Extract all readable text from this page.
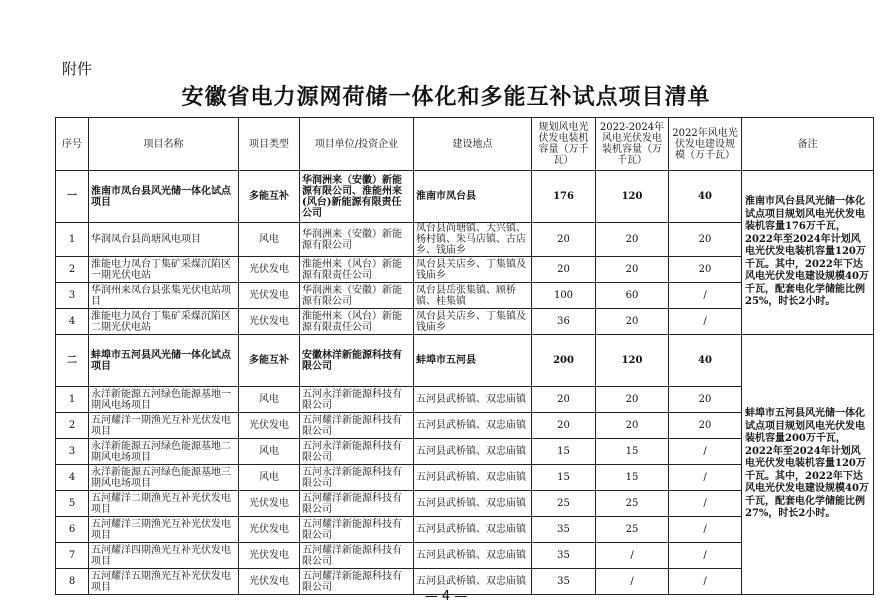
附件
安徽省电力源网荷储一体化和多能互补试点项目清单
序号	项目名称	项目类型	项目单位/投资企业	建设地点	规划风电光伏发电装机容量（万千瓦）	2022-2024年风电光伏发电装机容量（万千瓦）	2022年风电光伏发电建设规模（万千瓦）	备注
一	淮南市凤台县风光储一体化试点项目	多能互补	华润洲来（安徽）新能源有限公司、淮能州来(风台)新能源有限责任公司	淮南市凤台县	176	120	40	淮南市风台县风光储一体化试点项目规划风电光伏发电装机容量176万千瓦，2022年至2024年计划风电光伏发电装机容量120万千瓦。其中，2022年下达风电光伏发电建设规模40万千瓦，配套电化学储能比例25%，时长2小时。
1	华润凤台县尚塘风电项目	风电	华润洲来（安徽）新能源有限公司	凤台县尚塘镇、大兴镇、杨村镇、朱马店镇、古店乡、钱庙乡	20	20	20	
2	淮能电力凤台丁集矿采煤沉陷区一期光伏电站	光伏发电	淮能州来（风台）新能源有限责任公司	凤台县关店乡、丁集镇及钱庙乡	20	20	20	
3	华润州来凤台县张集光伏电站项目	光伏发电	华润洲来（安徽）新能源有限公司	凤台县岳张集镇、顾桥镇、桂集镇	100	60	/	
4	淮能电力凤台丁集矿采煤沉陷区二期光伏电站	光伏发电	淮能州来（风台）新能源有限责任公司	凤台县关店乡、丁集镇及钱庙乡	36	20	/	
二	蚌埠市五河县风光储一体化试点项目	多能互补	安徽林洋新能源科技有限公司	蚌埠市五河县	200	120	40	蚌埠市五河县风光储一体化试点项目规划风电光伏发电装机容量200万千瓦，2022年至2024年计划风电光伏发电装机容量120万千瓦。其中，2022年下达风电光伏发电建设规模40万千瓦，配套电化学储能比例27%，时长2小时。
1	永洋新能源五河绿色能源基地一期风电场项目	风电	五河永洋新能源科技有限公司	五河县武桥镇、双忠庙镇	20	20	20	
2	五河耀洋一期渔光互补光伏发电项目	光伏发电	五河耀洋新能源科技有限公司	五河县武桥镇、双忠庙镇	20	20	20	
3	永洋新能源五河绿色能源基地二期风电场项目	风电	五河永洋新能源科技有限公司	五河县武桥镇、双忠庙镇	15	15	/	
4	永洋新能源五河绿色能源基地三期风电场项目	风电	五河永洋新能源科技有限公司	五河县武桥镇、双忠庙镇	15	15	/	
5	五河耀洋二期渔光互补光伏发电项目	光伏发电	五河耀洋新能源科技有限公司	五河县武桥镇、双忠庙镇	25	25	/	
6	五河耀洋三期渔光互补光伏发电项目	光伏发电	五河耀洋新能源科技有限公司	五河县武桥镇、双忠庙镇	35	25	/	
7	五河耀洋四期渔光互补光伏发电项目	光伏发电	五河耀洋新能源科技有限公司	五河县武桥镇、双忠庙镇	35	/	/	
8	五河耀洋五期渔光互补光伏发电项目	光伏发电	五河耀洋新能源科技有限公司	五河县武桥镇、双忠庙镇	35	/	/	
— 4 —
